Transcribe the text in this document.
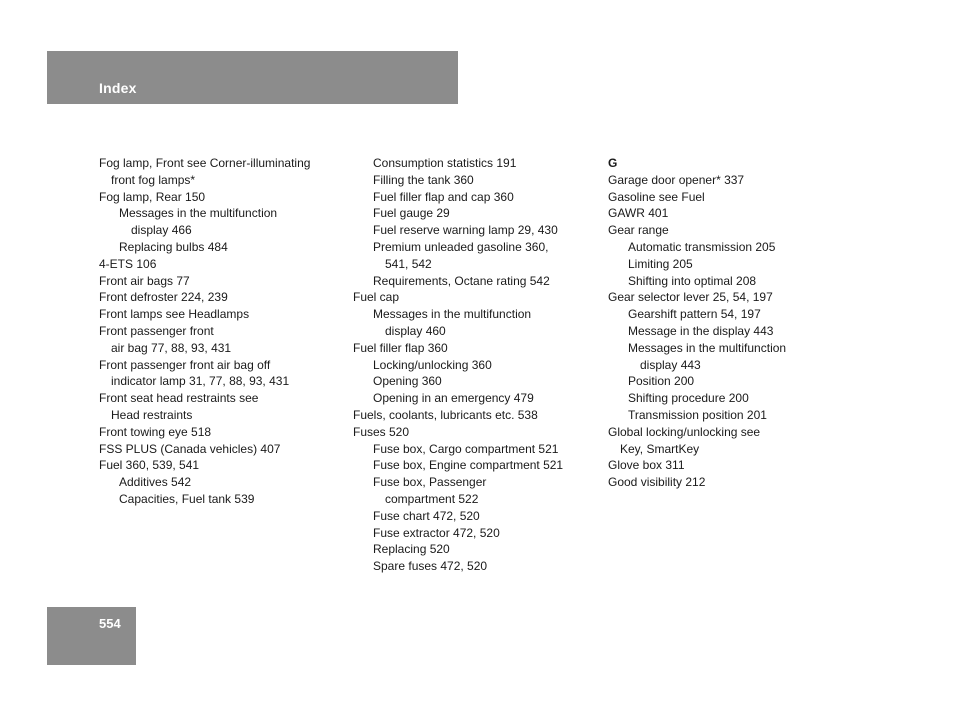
Index
Fog lamp, Front see Corner-illuminating
front fog lamps*
Fog lamp, Rear 150
Messages in the multifunction
display 466
Replacing bulbs 484
4-ETS 106
Front air bags 77
Front defroster 224, 239
Front lamps see Headlamps
Front passenger front
air bag 77, 88, 93, 431
Front passenger front air bag off
indicator lamp 31, 77, 88, 93, 431
Front seat head restraints see
Head restraints
Front towing eye 518
FSS PLUS (Canada vehicles) 407
Fuel 360, 539, 541
Additives 542
Capacities, Fuel tank 539
Consumption statistics 191
Filling the tank 360
Fuel filler flap and cap 360
Fuel gauge 29
Fuel reserve warning lamp 29, 430
Premium unleaded gasoline 360,
541, 542
Requirements, Octane rating 542
Fuel cap
Messages in the multifunction
display 460
Fuel filler flap 360
Locking/unlocking 360
Opening 360
Opening in an emergency 479
Fuels, coolants, lubricants etc. 538
Fuses 520
Fuse box, Cargo compartment 521
Fuse box, Engine compartment 521
Fuse box, Passenger
compartment 522
Fuse chart 472, 520
Fuse extractor 472, 520
Replacing 520
Spare fuses 472, 520
G
Garage door opener* 337
Gasoline see Fuel
GAWR 401
Gear range
Automatic transmission 205
Limiting 205
Shifting into optimal 208
Gear selector lever 25, 54, 197
Gearshift pattern 54, 197
Message in the display 443
Messages in the multifunction
display 443
Position 200
Shifting procedure 200
Transmission position 201
Global locking/unlocking see
Key, SmartKey
Glove box 311
Good visibility 212
554
